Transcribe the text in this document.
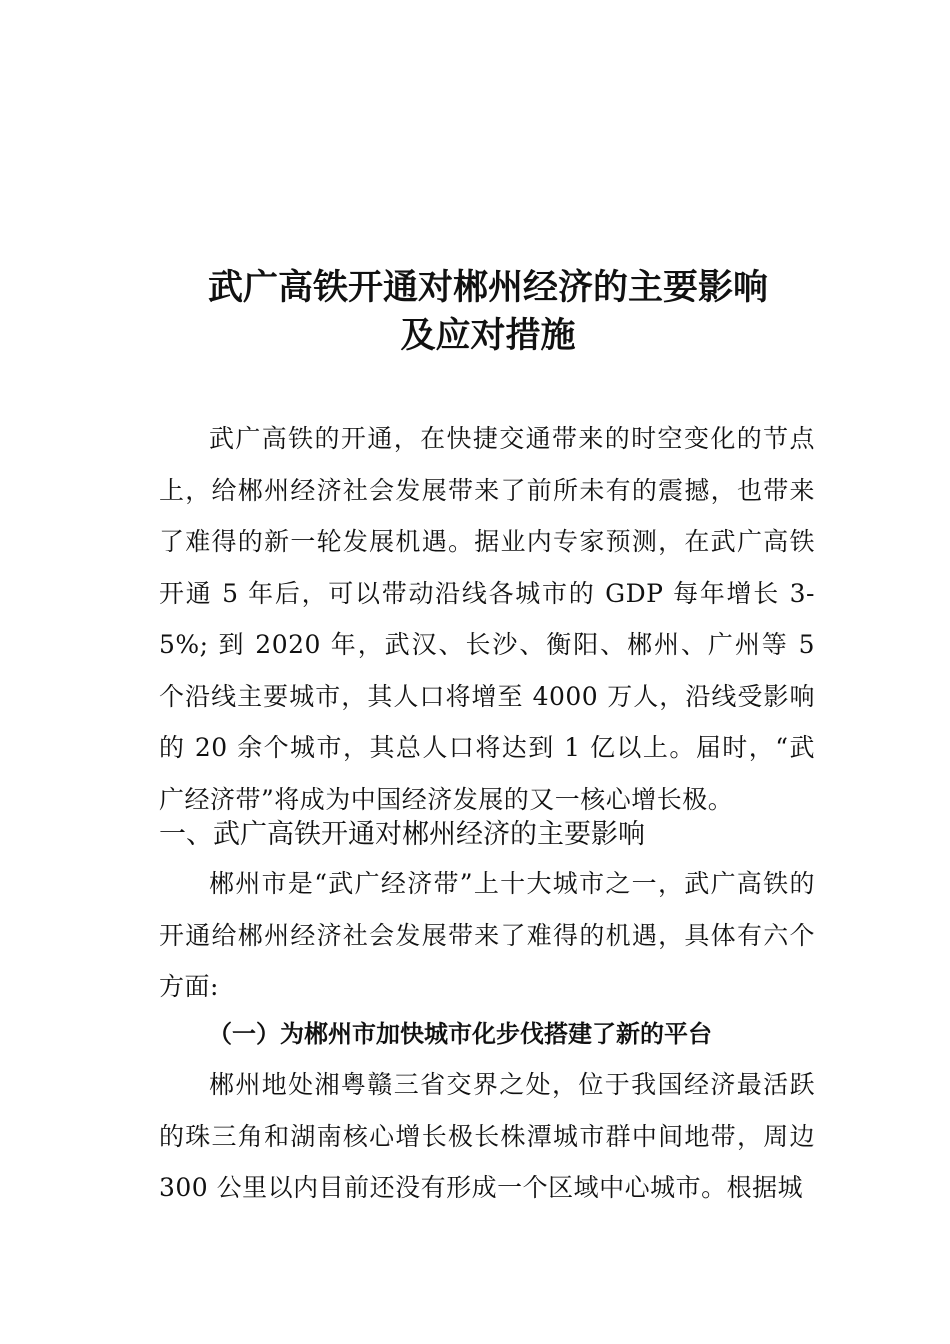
武广高铁开通对郴州经济的主要影响
及应对措施

武广高铁的开通，在快捷交通带来的时空变化的节点上，给郴州经济社会发展带来了前所未有的震撼，也带来了难得的新一轮发展机遇。据业内专家预测，在武广高铁开通 5 年后，可以带动沿线各城市的 GDP 每年增长 3-5%; 到 2020 年，武汉、长沙、衡阳、郴州、广州等 5 个沿线主要城市，其人口将增至 4000 万人，沿线受影响的 20 余个城市，其总人口将达到 1 亿以上。届时，“武广经济带”将成为中国经济发展的又一核心增长极。

一、武广高铁开通对郴州经济的主要影响

郴州市是“武广经济带”上十大城市之一，武广高铁的开通给郴州经济社会发展带来了难得的机遇，具体有六个方面:

（一）为郴州市加快城市化步伐搭建了新的平台

郴州地处湘粤赣三省交界之处，位于我国经济最活跃的珠三角和湖南核心增长极长株潭城市群中间地带，周边 300 公里以内目前还没有形成一个区域中心城市。根据城
